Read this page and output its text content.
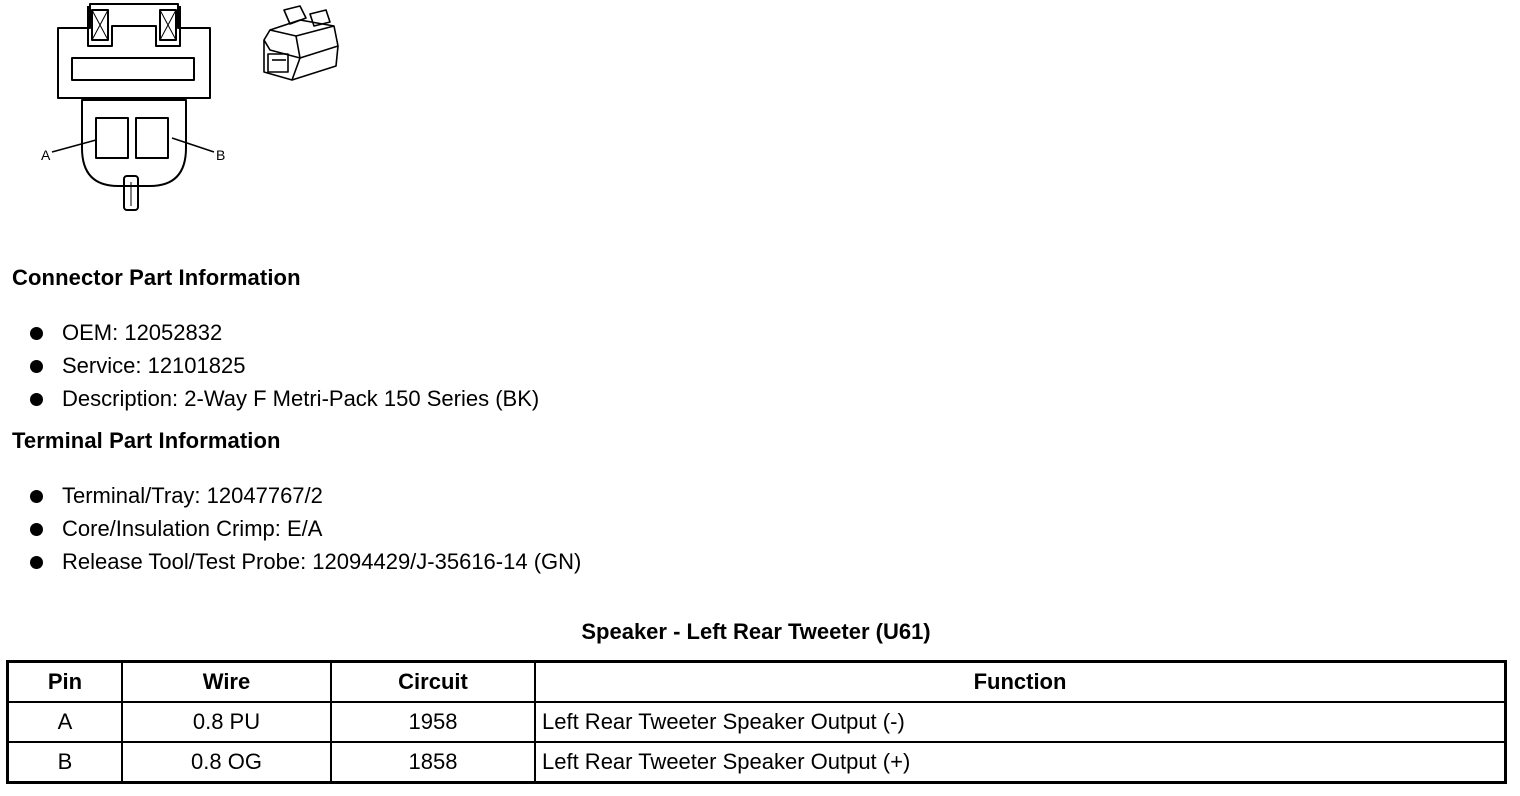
A	B
Connector Part Information
OEM: 12052832
Service: 12101825
Description: 2-Way F Metri-Pack 150 Series (BK)
Terminal Part Information
Terminal/Tray: 12047767/2
Core/Insulation Crimp: E/A
Release Tool/Test Probe: 12094429/J-35616-14 (GN)

Speaker - Left Rear Tweeter (U61)

Pin	Wire	Circuit	Function
A	0.8 PU	1958	Left Rear Tweeter Speaker Output (-)
B	0.8 OG	1858	Left Rear Tweeter Speaker Output (+)
